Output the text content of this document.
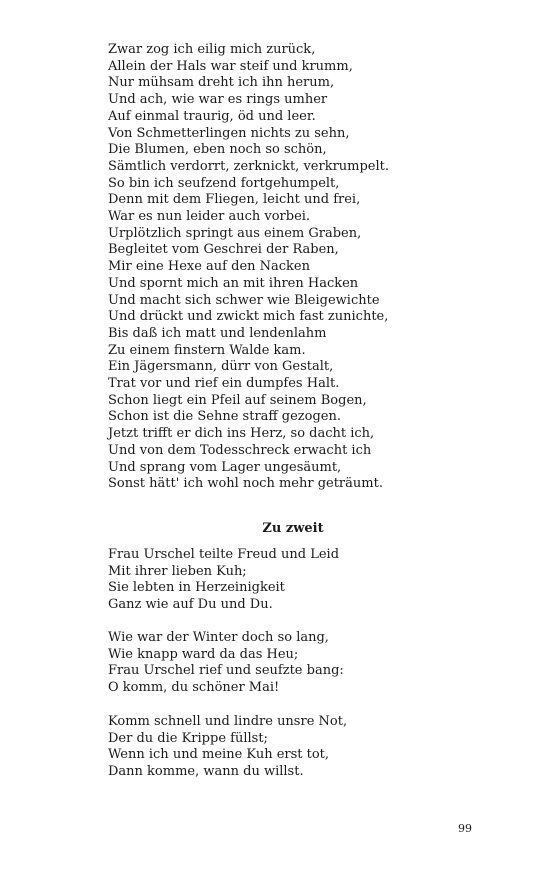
Zwar zog ich eilig mich zurück,
Allein der Hals war steif und krumm,
Nur mühsam dreht ich ihn herum,
Und ach, wie war es rings umher
Auf einmal traurig, öd und leer.
Von Schmetterlingen nichts zu sehn,
Die Blumen, eben noch so schön,
Sämtlich verdorrt, zerknickt, verkrumpelt.
So bin ich seufzend fortgehumpelt,
Denn mit dem Fliegen, leicht und frei,
War es nun leider auch vorbei.
Urplötzlich springt aus einem Graben,
Begleitet vom Geschrei der Raben,
Mir eine Hexe auf den Nacken
Und spornt mich an mit ihren Hacken
Und macht sich schwer wie Bleigewichte
Und drückt und zwickt mich fast zunichte,
Bis daß ich matt und lendenlahm
Zu einem finstern Walde kam.
Ein Jägersmann, dürr von Gestalt,
Trat vor und rief ein dumpfes Halt.
Schon liegt ein Pfeil auf seinem Bogen,
Schon ist die Sehne straff gezogen.
Jetzt trifft er dich ins Herz, so dacht ich,
Und von dem Todesschreck erwacht ich
Und sprang vom Lager ungesäumt,
Sonst hätt' ich wohl noch mehr geträumt.
Zu zweit
Frau Urschel teilte Freud und Leid
Mit ihrer lieben Kuh;
Sie lebten in Herzeinigkeit
Ganz wie auf Du und Du.
Wie war der Winter doch so lang,
Wie knapp ward da das Heu;
Frau Urschel rief und seufzte bang:
O komm, du schöner Mai!
Komm schnell und lindre unsre Not,
Der du die Krippe füllst;
Wenn ich und meine Kuh erst tot,
Dann komme, wann du willst.
99
